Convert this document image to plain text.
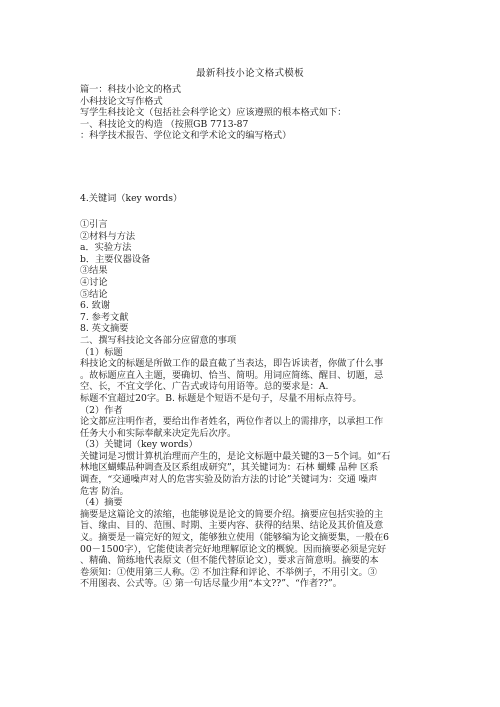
最新科技小论文格式模板
篇一：科技小论文的格式
小科技论文写作格式
写学生科技论文（包括社会科学论文）应该遵照的根本格式如下：
一、科技论文的构造 （按照GB 7713-87
：科学技术报告、学位论文和学术论文的编写格式）
4.关键词（key words）
①引言
②材料与方法
a．实验方法
b．主要仪器设备
③结果
④讨论
⑤结论
6. 致谢
7. 参考文献
8. 英文摘要
二、撰写科技论文各部分应留意的事项
（1）标题
科技论文的标题是所做工作的最直截了当表达，即告诉读者，你做了什么事
。故标题应直入主题，要确切、恰当、简明。用词应简练、醒目、切题，忌
空、长，不宜文学化、广告式或诗句用语等。总的要求是：A.
标题不宜超过20字。B. 标题是个短语不是句子，尽量不用标点符号。
（2）作者
论文都应注明作者，要给出作者姓名，两位作者以上的需排序，以承担工作
任务大小和实际奉献来决定先后次序。
（3）关键词（key words）
关键词是习惯计算机治理而产生的，是论文标题中最关键的3－5个词。如“石
林地区蝴蝶品种调查及区系组成研究”，其关键词为：石林 蝴蝶 品种 区系
调查，“交通噪声对人的危害实验及防治方法的讨论”关键词为：交通 噪声
危害 防治。
（4）摘要
摘要是这篇论文的浓缩，也能够说是论文的简要介绍。摘要应包括实验的主
旨、缘由、目的、范围、时期、主要内容、获得的结果、结论及其价值及意
义。摘要是一篇完好的短文，能够独立使用（能够编为论文摘要集，一般在6
00－1500字），它能使读者完好地理解原论文的概貌。因而摘要必须是完好
、精确、简练地代表原文（但不能代替原论文），要求言简意明。摘要的本
卷须知：①使用第三人称。② 不加注释和评论、不举例子，不用引文。③
不用图表、公式等。④ 第一句话尽量少用“本文??”、“作者??”。
